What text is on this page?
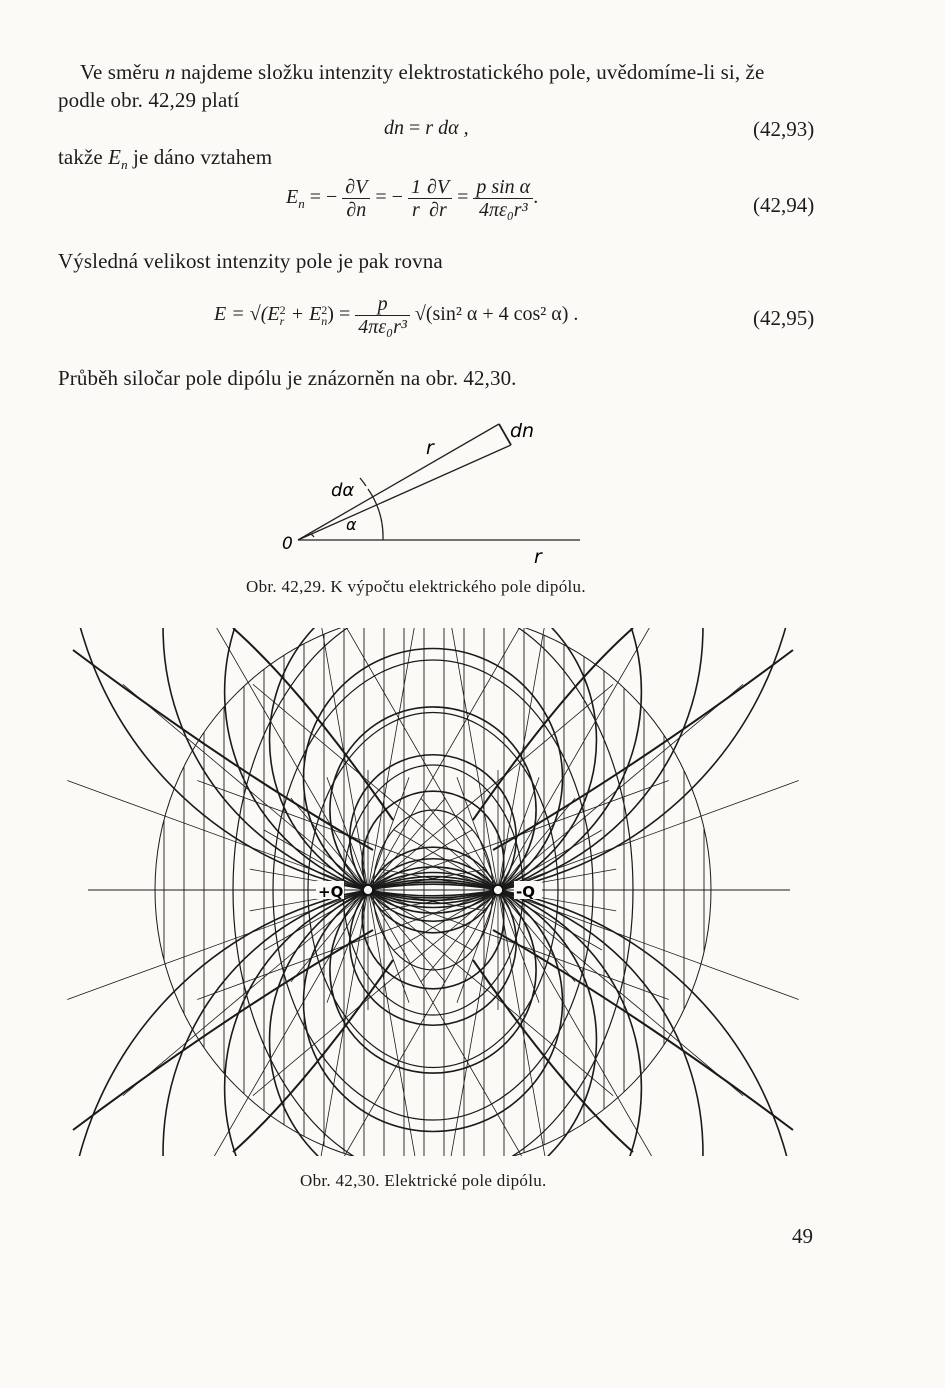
Ve směru n najdeme složku intenzity elektrostatického pole, uvědomíme-li si, že
podle obr. 42,29 platí
dn = r dα ,	(42,93)
takže $E_n$ je dáno vztahem
$E_n$ = − $\frac{\partial V}{\partial n}$ = − $\frac{1}{r} \frac{\partial V}{\partial r} = \frac{\text{p sin α}}{\text{4πε₀r³}}$ .	(42,94)
Výsledná velikost intenzity pole je pak rovna
E = √(E 2
r + E 2
n ) = $\frac{p}{\text{4πε₀r³}} √(\sin^2$ α + 4 cos² α) .	(42,95)
Průběh siločar pole dipólu je znázorněn na obr. 42,30.
dn
r
dα
α
0
r
Obr. 42,29. K výpočtu elektrického pole dipólu.
+Q	-Q
Obr. 42,30. Elektrické pole dipólu.
49
